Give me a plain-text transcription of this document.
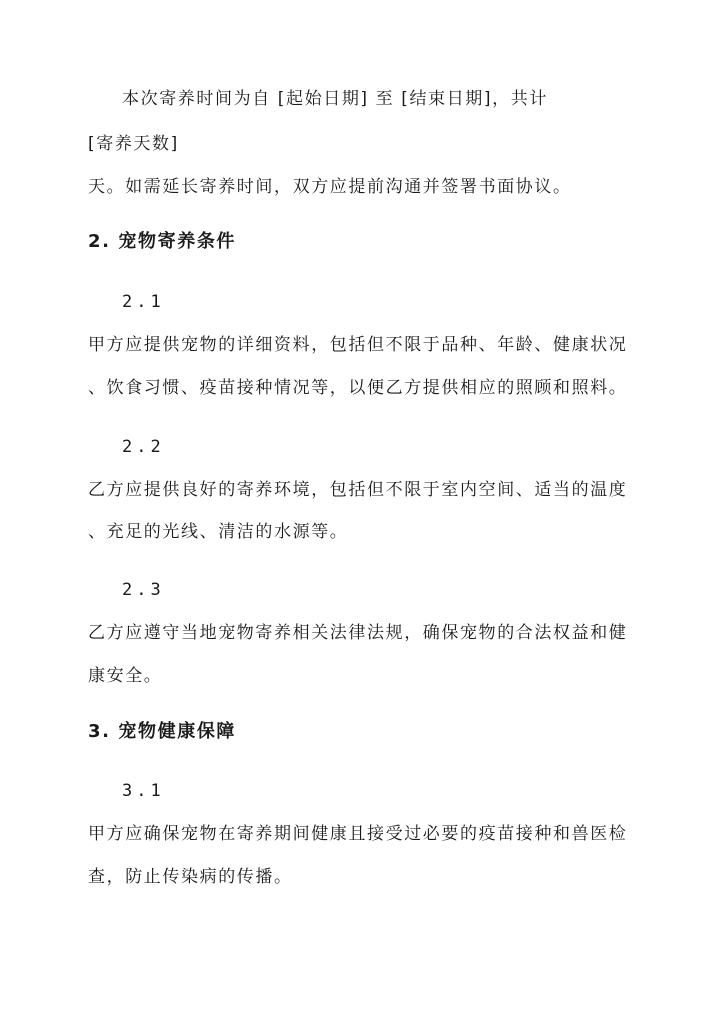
本次寄养时间为自 [起始日期] 至 [结束日期]，共计
[寄养天数]
天。如需延长寄养时间，双方应提前沟通并签署书面协议。
2. 宠物寄养条件
2.1
甲方应提供宠物的详细资料，包括但不限于品种、年龄、健康状况
、饮食习惯、疫苗接种情况等，以便乙方提供相应的照顾和照料。
2.2
乙方应提供良好的寄养环境，包括但不限于室内空间、适当的温度
、充足的光线、清洁的水源等。
2.3
乙方应遵守当地宠物寄养相关法律法规，确保宠物的合法权益和健
康安全。
3. 宠物健康保障
3.1
甲方应确保宠物在寄养期间健康且接受过必要的疫苗接种和兽医检
查，防止传染病的传播。
